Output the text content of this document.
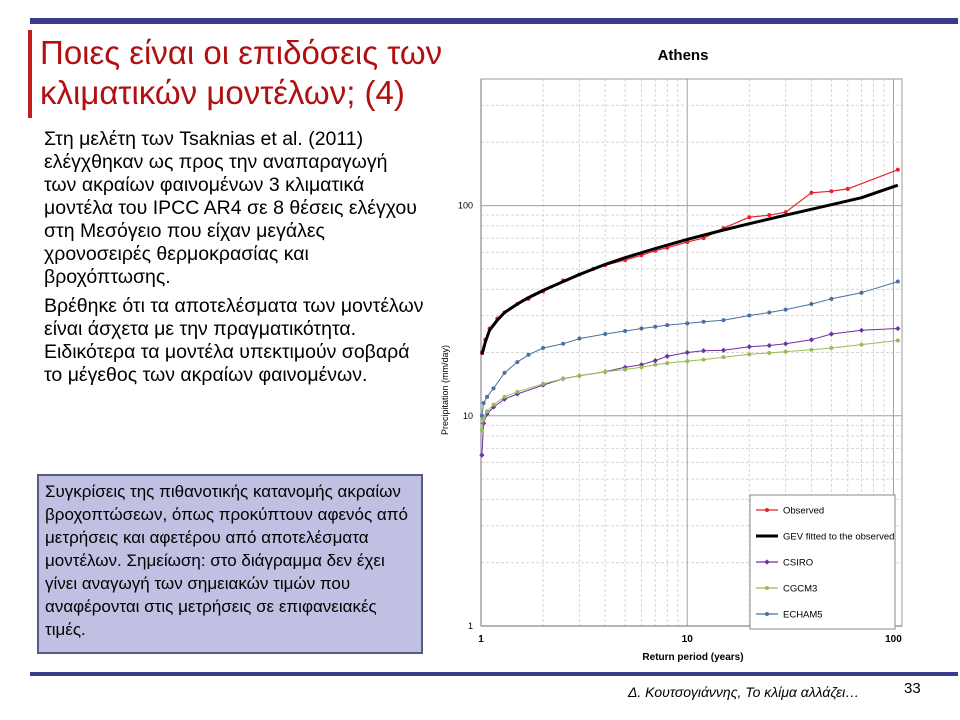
Ποιες είναι οι επιδόσεις των κλιματικών μοντέλων; (4)

Στη μελέτη των Tsaknias et al. (2011) ελέγχθηκαν ως προς την αναπαραγωγή των ακραίων φαινομένων 3 κλιματικά μοντέλα του IPCC AR4 σε 8 θέσεις ελέγχου στη Μεσόγειο που είχαν μεγάλες χρονοσειρές θερμοκρασίας και βροχόπτωσης.

Βρέθηκε ότι τα αποτελέσματα των μοντέλων είναι άσχετα με την πραγματικότητα. Ειδικότερα τα μοντέλα υπεκτιμούν σοβαρά το μέγεθος των ακραίων φαινομένων.

Συγκρίσεις της πιθανοτικής κατανομής ακραίων βροχοπτώσεων, όπως προκύπτουν αφενός από μετρήσεις και αφετέρου από αποτελέσματα μοντέλων. Σημείωση: στο διάγραμμα δεν έχει γίνει αναγωγή των σημειακών τιμών που αναφέρονται στις μετρήσεις σε επιφανειακές τιμές.
Athens
Precipitation (mm/day)
Return period (years)
1	10	100
1
10
100
Observed
GEV fitted to the observed
CSIRO
CGCM3
ECHAM5
Δ. Κουτσογιάννης, Το κλίμα αλλάζει…	33
